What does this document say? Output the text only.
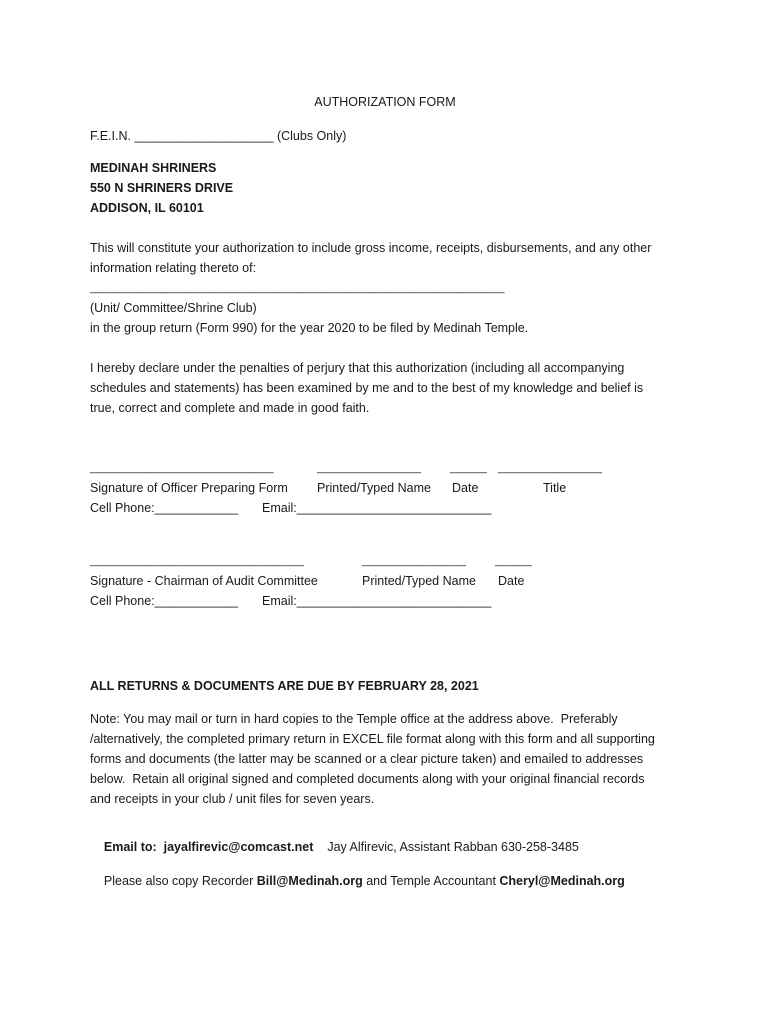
AUTHORIZATION FORM
F.E.I.N. ____________________ (Clubs Only)
MEDINAH SHRINERS
550 N SHRINERS DRIVE
ADDISON, IL 60101
This will constitute your authorization to include gross income, receipts, disbursements, and any other
information relating thereto of:
______________________________________________________________________
(Unit/ Committee/Shrine Club)
in the group return (Form 990) for the year 2020 to be filed by Medinah Temple.
I hereby declare under the penalties of perjury that this authorization (including all accompanying
schedules and statements) has been examined by me and to the best of my knowledge and belief is
true, correct and complete and made in good faith.
______________________________	_________________	______ _________________
Signature of Officer Preparing Form Printed/Typed Name Date	Title
Cell Phone:____________ Email:____________________________
___________________________________	_________________	______
Signature - Chairman of Audit Committee	Printed/Typed Name Date
Cell Phone:____________ Email:____________________________
ALL RETURNS & DOCUMENTS ARE DUE BY FEBRUARY 28, 2021
Note: You may mail or turn in hard copies to the Temple office at the address above.  Preferably
/alternatively, the completed primary return in EXCEL file format along with this form and all supporting
forms and documents (the latter may be scanned or a clear picture taken) and emailed to addresses
below.  Retain all original signed and completed documents along with your original financial records
and receipts in your club / unit files for seven years.

Email to:  jayalfirevic@comcast.net Jay Alfirevic, Assistant Rabban 630-258-3485

Please also copy Recorder Bill@Medinah.org and Temple Accountant Cheryl@Medinah.org
